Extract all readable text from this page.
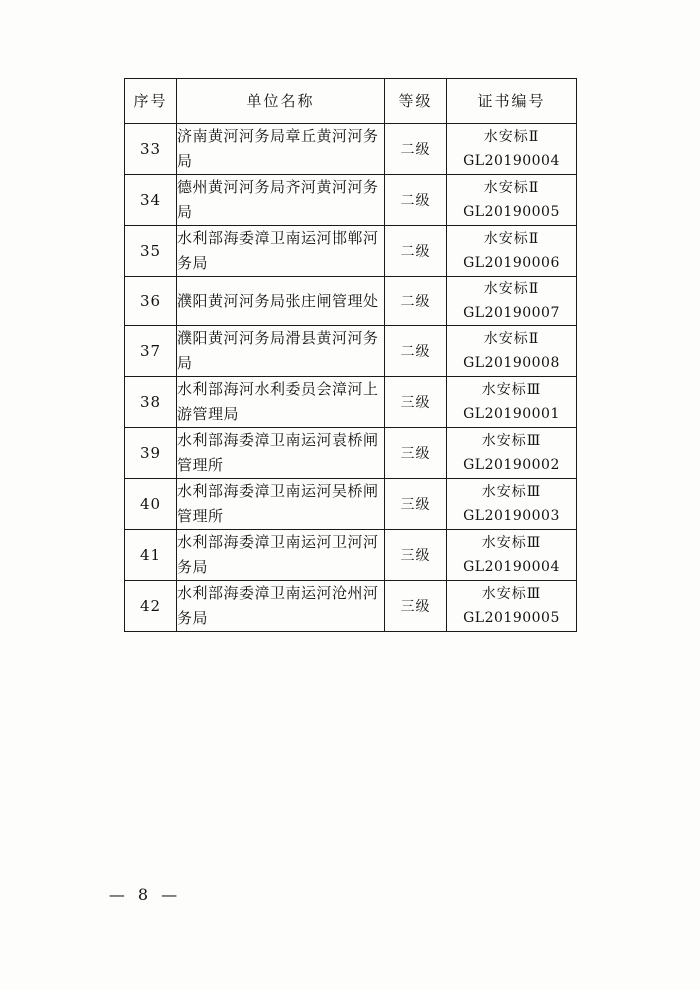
序号	单位名称	等级	证书编号
33	济南黄河河务局章丘黄河河务局	二级	水安标Ⅱ
GL20190004

34	德州黄河河务局齐河黄河河务局	二级	水安标Ⅱ
GL20190005

35	水利部海委漳卫南运河邯郸河务局	二级	水安标Ⅱ
GL20190006

36	濮阳黄河河务局张庄闸管理处	二级	水安标Ⅱ
GL20190007

37	濮阳黄河河务局滑县黄河河务局	二级	水安标Ⅱ
GL20190008

38	水利部海河水利委员会漳河上游管理局	三级	水安标Ⅲ
GL20190001

39	水利部海委漳卫南运河袁桥闸管理所	三级	水安标Ⅲ
GL20190002

40	水利部海委漳卫南运河吴桥闸管理所	三级	水安标Ⅲ
GL20190003

41	水利部海委漳卫南运河卫河河务局	三级	水安标Ⅲ
GL20190004

42	水利部海委漳卫南运河沧州河务局	三级	水安标Ⅲ
GL20190005
— 8 —
